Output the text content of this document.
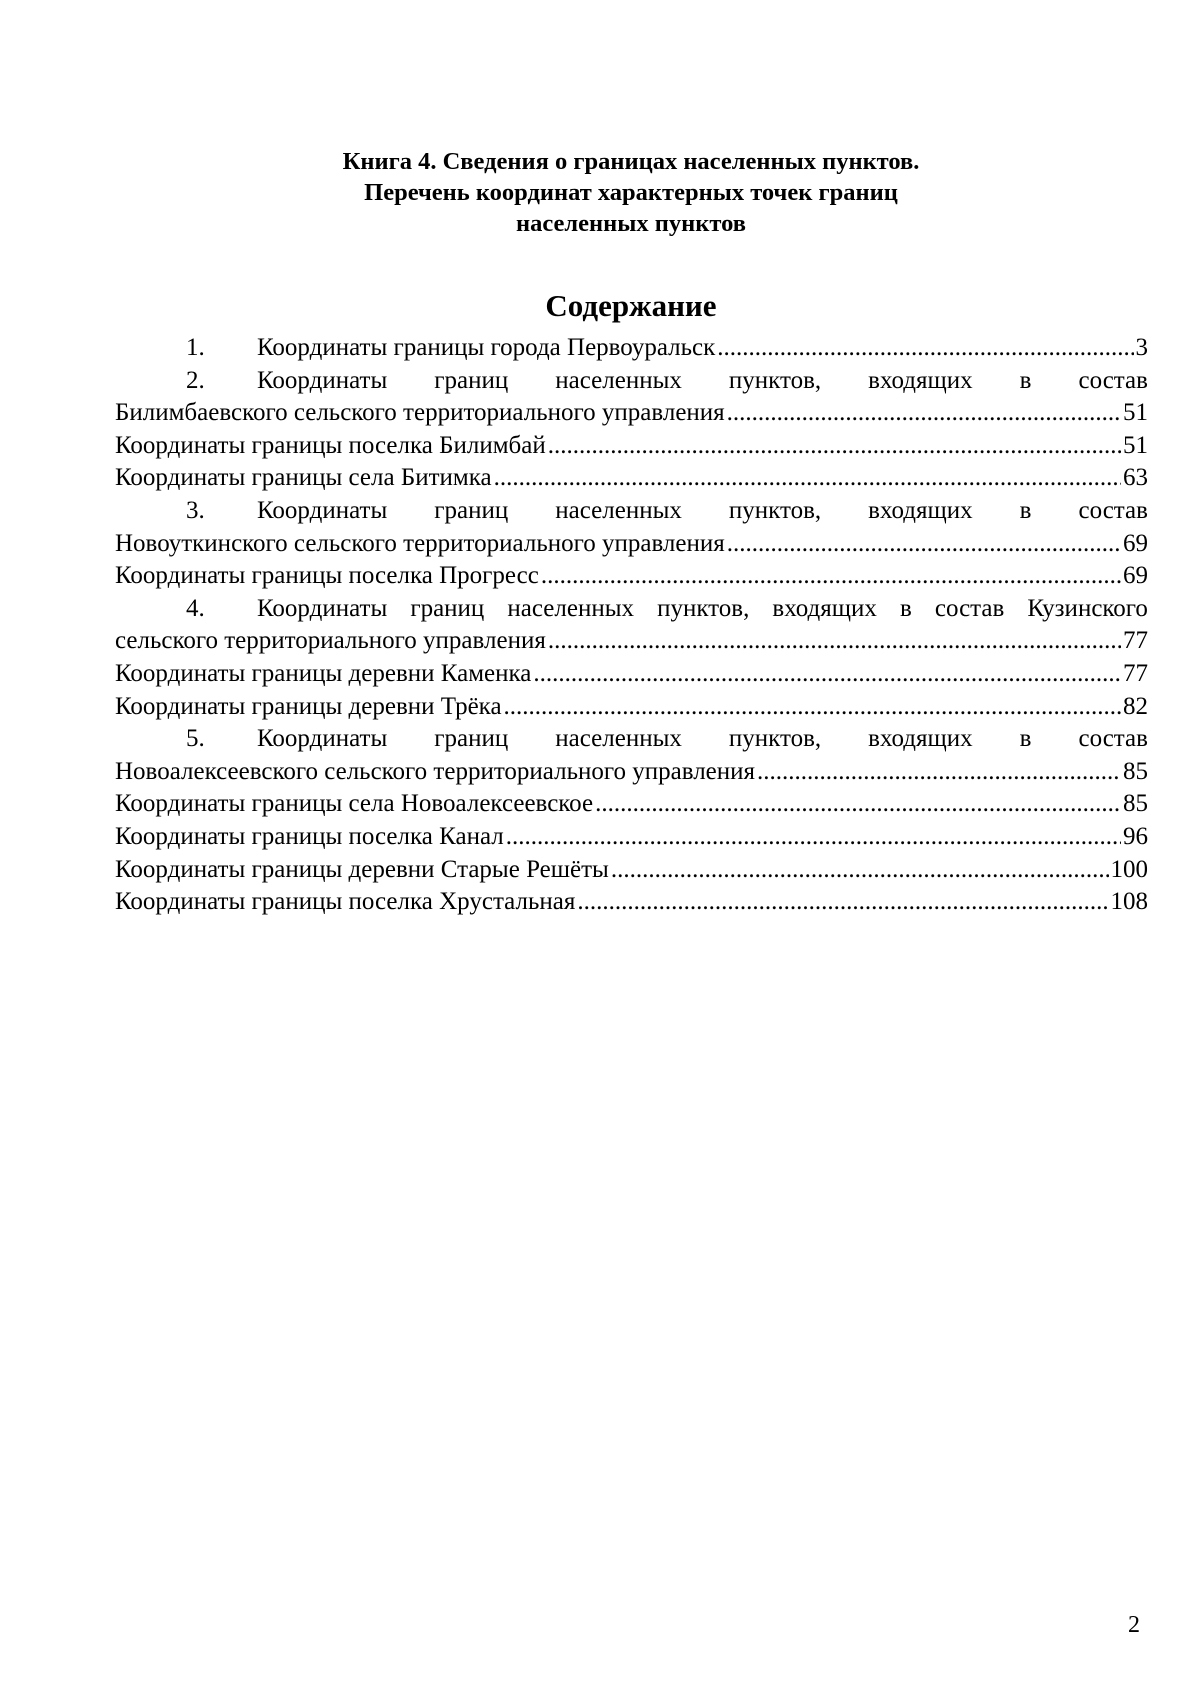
Книга 4. Сведения о границах населенных пунктов.
Перечень координат характерных точек границ
населенных пунктов
Содержание
1.	Координаты границы города Первоуральск .....	3
2.	Координаты границ населенных пунктов, входящих в состав
Билимбаевского сельского территориального управления .....	51
Координаты границы поселка Билимбай .....	51
Координаты границы села Битимка .....	63
3.	Координаты границ населенных пунктов, входящих в состав
Новоуткинского сельского территориального управления .....	69
Координаты границы поселка Прогресс .....	69
4.	Координаты границ населенных пунктов, входящих в состав Кузинского
сельского территориального управления .....	77
Координаты границы деревни Каменка .....	77
Координаты границы деревни Трёка .....	82
5.	Координаты границ населенных пунктов, входящих в состав
Новоалексеевского сельского территориального управления .....	85
Координаты границы села Новоалексеевское .....	85
Координаты границы поселка Канал .....	96
Координаты границы деревни Старые Решёты .....	100
Координаты границы поселка Хрустальная .....	108
2
